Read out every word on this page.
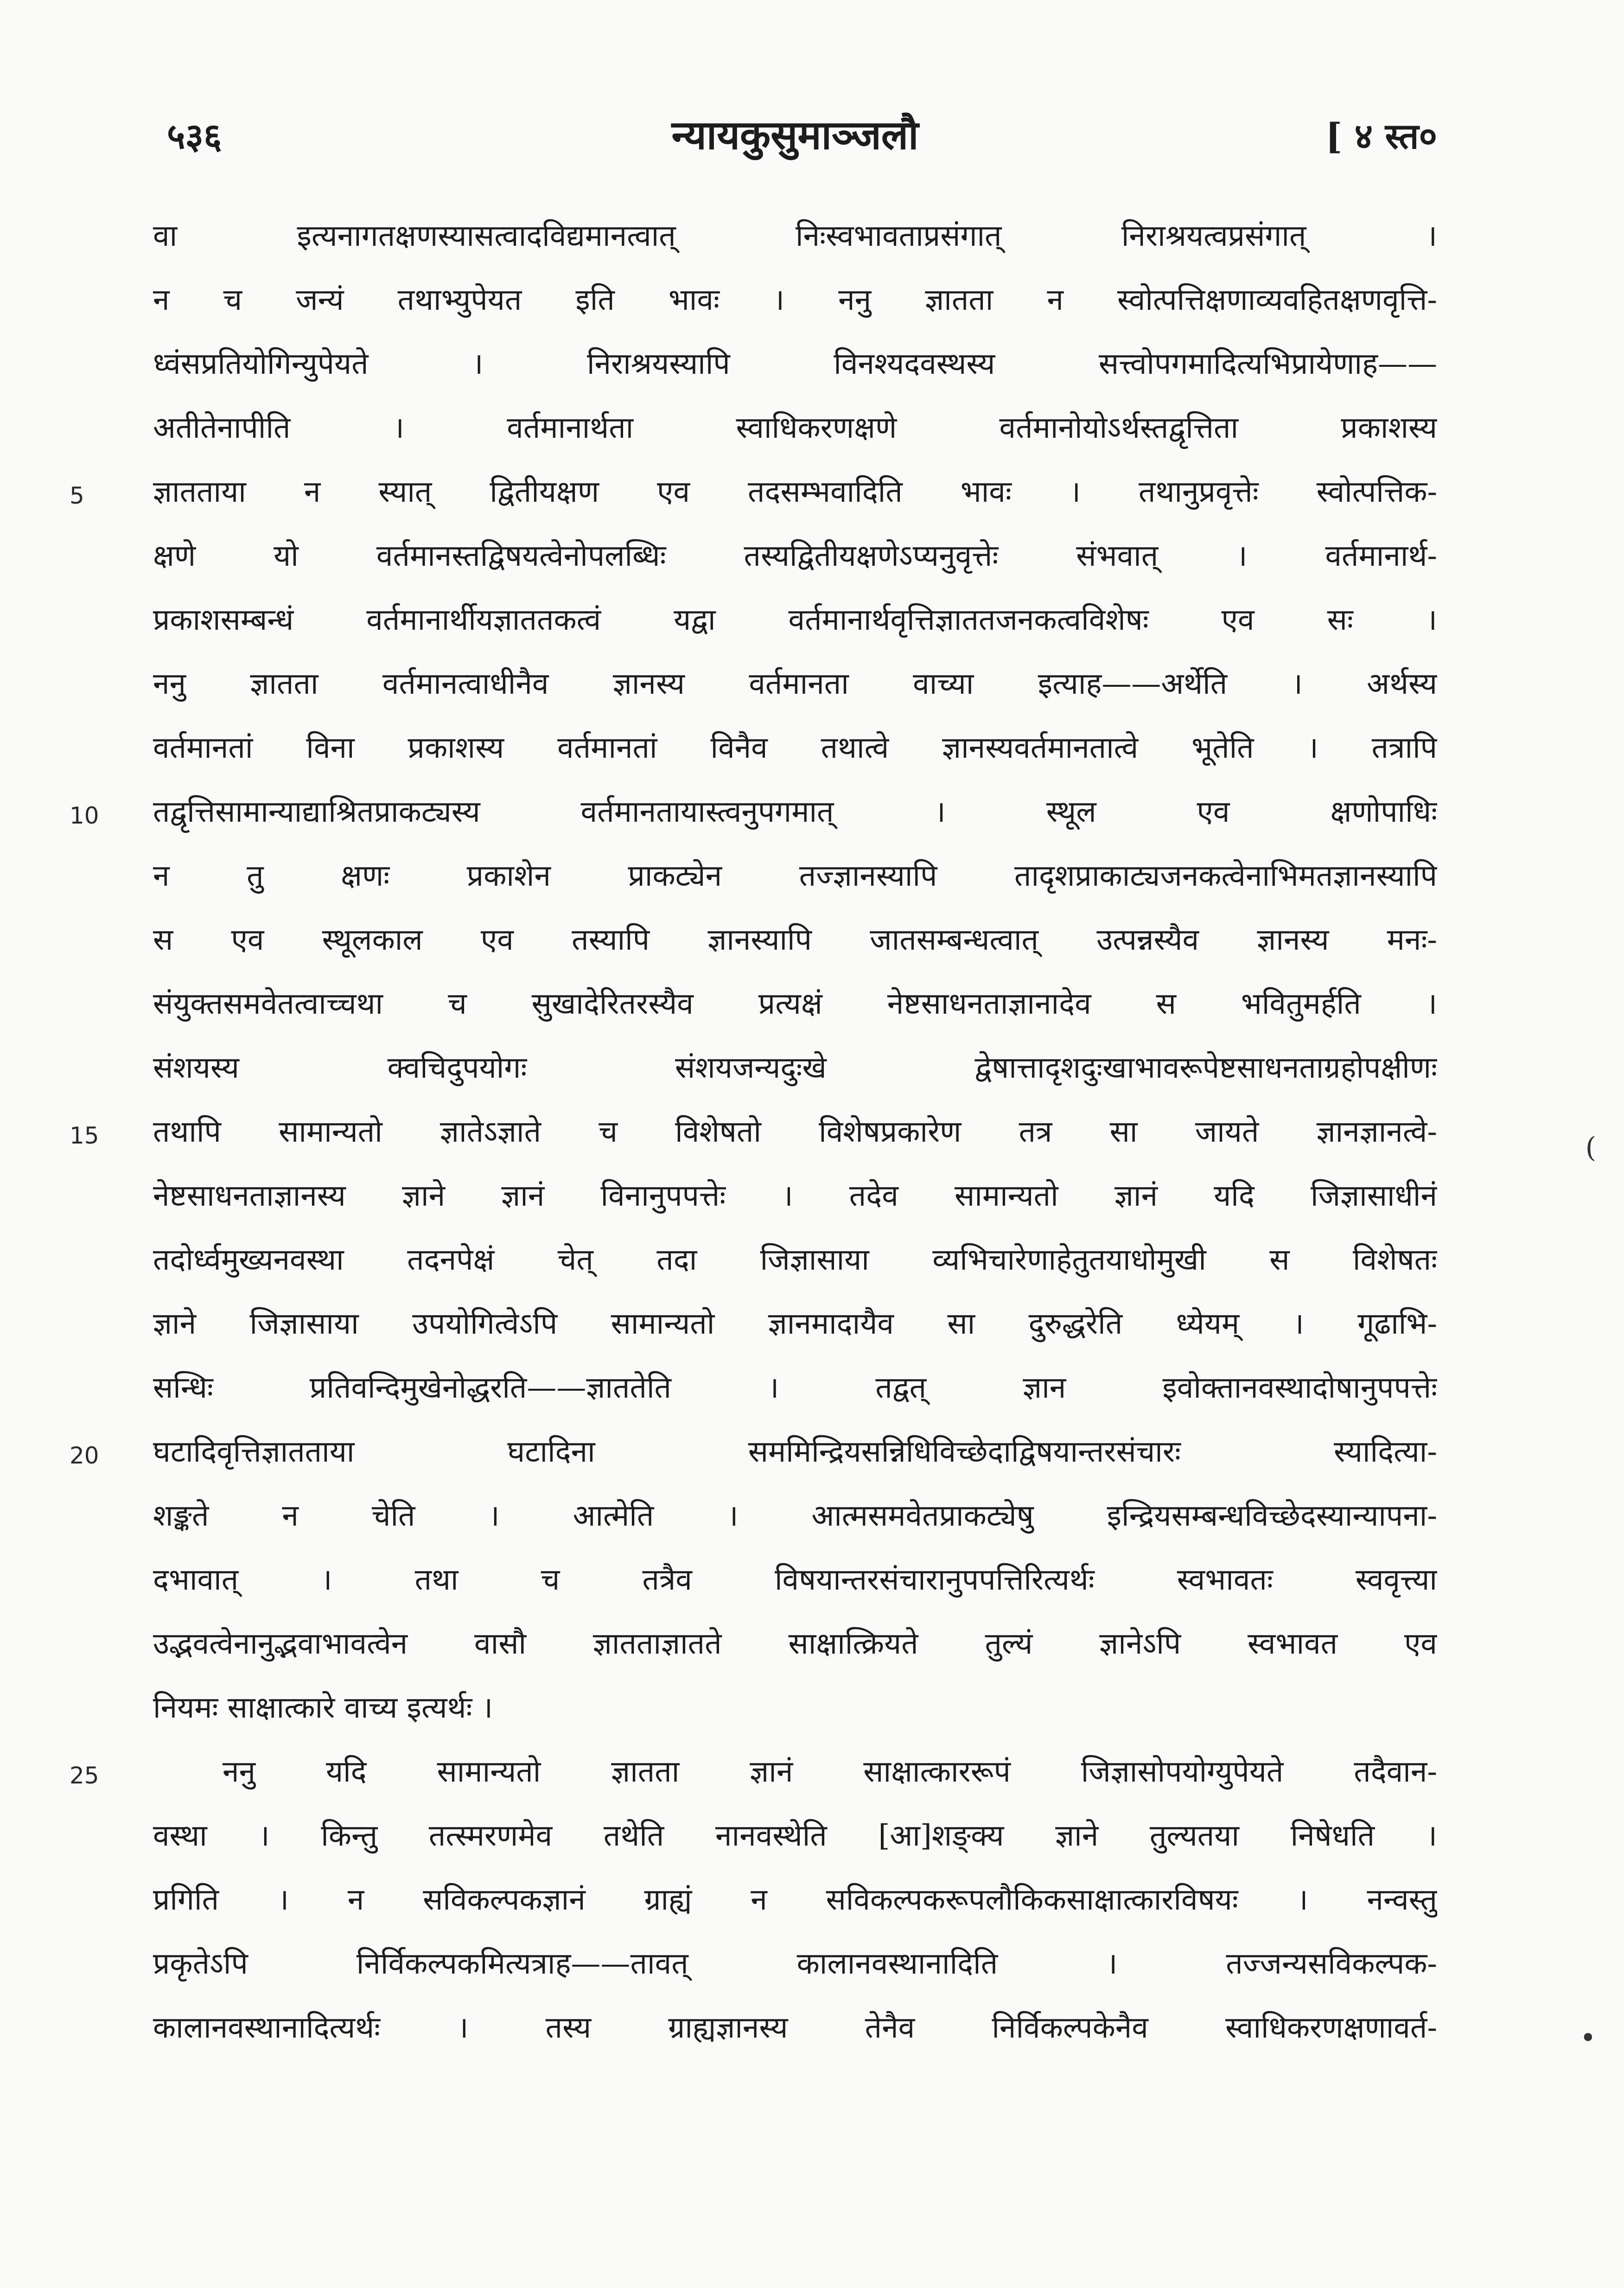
५३६	न्यायकुसुमाञ्जलौ	[ ४ स्त०
5
10
15
20
25
(
•
वा इत्यनागतक्षणस्यासत्वादविद्यमानत्वात् निःस्वभावताप्रसंगात् निराश्रयत्वप्रसंगात् ।
न च जन्यं तथाभ्युपेयत इति भावः । ननु ज्ञातता न स्वोत्पत्तिक्षणाव्यवहितक्षणवृत्ति-
ध्वंसप्रतियोगिन्युपेयते । निराश्रयस्यापि विनश्यदवस्थस्य सत्त्वोपगमादित्यभिप्रायेणाह——
अतीतेनापीति । वर्तमानार्थता स्वाधिकरणक्षणे वर्तमानोयोऽर्थस्तद्वृत्तिता प्रकाशस्य
ज्ञातताया न स्यात् द्वितीयक्षण एव तदसम्भवादिति भावः । तथानुप्रवृत्तेः स्वोत्पत्तिक-
क्षणे यो वर्तमानस्तद्विषयत्वेनोपलब्धिः तस्यद्वितीयक्षणेऽप्यनुवृत्तेः संभवात् । वर्तमानार्थ-
प्रकाशसम्बन्धं वर्तमानार्थीयज्ञाततकत्वं यद्वा वर्तमानार्थवृत्तिज्ञाततजनकत्वविशेषः एव सः ।
ननु ज्ञातता वर्तमानत्वाधीनैव ज्ञानस्य वर्तमानता वाच्या इत्याह——अर्थेति । अर्थस्य
वर्तमानतां विना प्रकाशस्य वर्तमानतां विनैव तथात्वे ज्ञानस्यवर्तमानतात्वे भूतेति । तत्रापि
तद्वृत्तिसामान्याद्याश्रितप्राकट्यस्य वर्तमानतायास्त्वनुपगमात् । स्थूल एव क्षणोपाधिः
न तु क्षणः प्रकाशेन प्राकट्येन तज्ज्ञानस्यापि तादृशप्राकाट्यजनकत्वेनाभिमतज्ञानस्यापि
स एव स्थूलकाल एव तस्यापि ज्ञानस्यापि जातसम्बन्धत्वात् उत्पन्नस्यैव ज्ञानस्य मनः-
संयुक्तसमवेतत्वाच्चथा च सुखादेरितरस्यैव प्रत्यक्षं नेष्टसाधनताज्ञानादेव स भवितुमर्हति ।
संशयस्य क्वचिदुपयोगः संशयजन्यदुःखे द्वेषात्तादृशदुःखाभावरूपेष्टसाधनताग्रहोपक्षीणः
तथापि सामान्यतो ज्ञातेऽज्ञाते च विशेषतो विशेषप्रकारेण तत्र सा जायते ज्ञानज्ञानत्वे-
नेष्टसाधनताज्ञानस्य ज्ञाने ज्ञानं विनानुपपत्तेः । तदेव सामान्यतो ज्ञानं यदि जिज्ञासाधीनं
तदोर्ध्वमुख्यनवस्था तदनपेक्षं चेत् तदा जिज्ञासाया व्यभिचारेणाहेतुतयाधोमुखी स विशेषतः
ज्ञाने जिज्ञासाया उपयोगित्वेऽपि सामान्यतो ज्ञानमादायैव सा दुरुद्धरेति ध्येयम् । गूढाभि-
सन्धिः प्रतिवन्दिमुखेनोद्धरति——ज्ञाततेति । तद्वत् ज्ञान इवोक्तानवस्थादोषानुपपत्तेः
घटादिवृत्तिज्ञातताया घटादिना सममिन्द्रियसन्निधिविच्छेदाद्विषयान्तरसंचारः स्यादित्या-
शङ्कते न चेति । आत्मेति । आत्मसमवेतप्राकट्येषु इन्द्रियसम्बन्धविच्छेदस्यान्यापना-
दभावात् । तथा च तत्रैव विषयान्तरसंचारानुपपत्तिरित्यर्थः स्वभावतः स्ववृत्त्या
उद्भवत्वेनानुद्भवाभावत्वेन वासौ ज्ञातताज्ञातते साक्षात्क्रियते तुल्यं ज्ञानेऽपि स्वभावत एव
नियमः साक्षात्कारे वाच्य इत्यर्थः ।
ननु यदि सामान्यतो ज्ञातता ज्ञानं साक्षात्काररूपं जिज्ञासोपयोग्युपेयते तदैवान-
वस्था । किन्तु तत्स्मरणमेव तथेति नानवस्थेति [आ]शङ्क्य ज्ञाने तुल्यतया निषेधति ।
प्रगिति । न सविकल्पकज्ञानं ग्राह्यं न सविकल्पकरूपलौकिकसाक्षात्कारविषयः । नन्वस्तु
प्रकृतेऽपि निर्विकल्पकमित्यत्राह——तावत् कालानवस्थानादिति । तज्जन्यसविकल्पक-
कालानवस्थानादित्यर्थः । तस्य ग्राह्यज्ञानस्य तेनैव निर्विकल्पकेनैव स्वाधिकरणक्षणावर्त-
